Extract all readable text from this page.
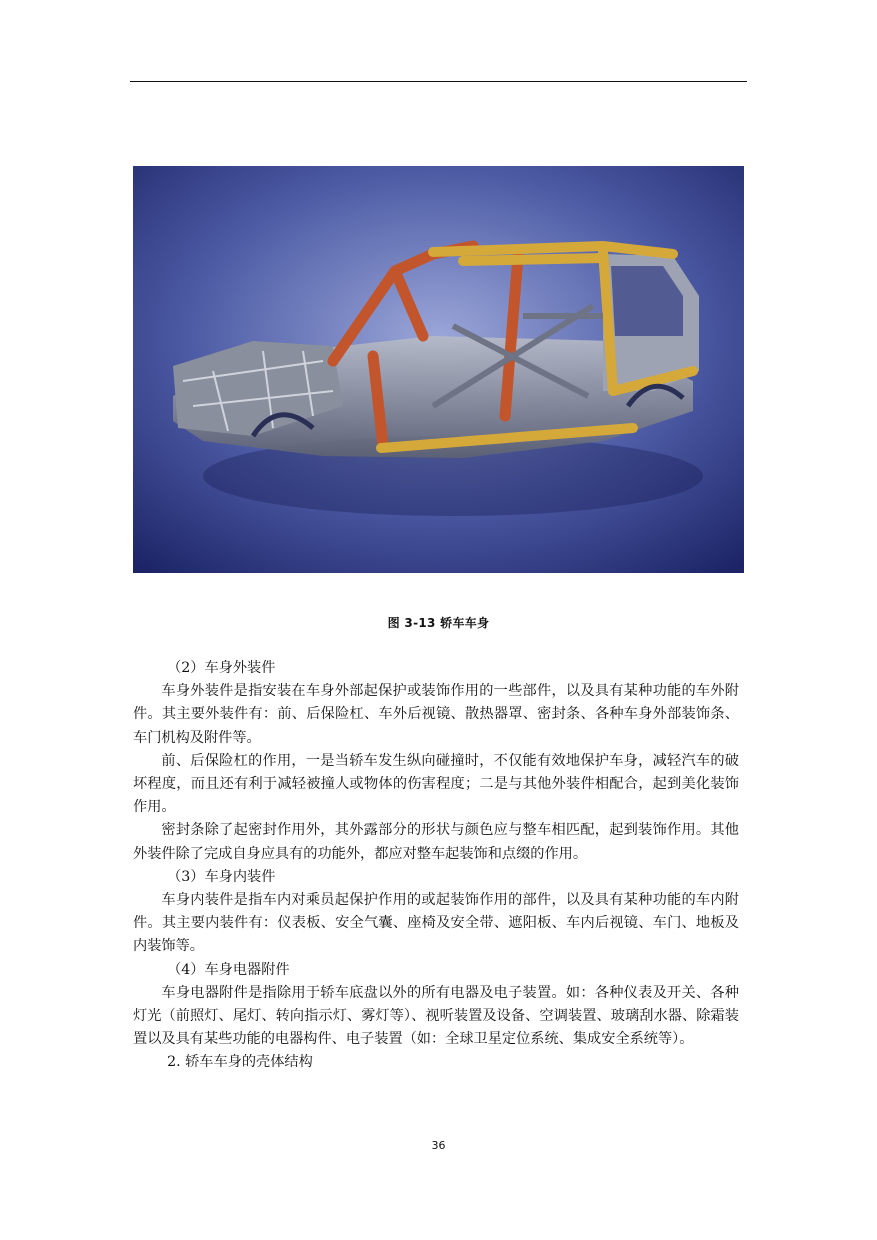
图 3-13 轿车车身

（2）车身外装件

车身外装件是指安装在车身外部起保护或装饰作用的一些部件，以及具有某种功能的车外附件。其主要外装件有：前、后保险杠、车外后视镜、散热器罩、密封条、各种车身外部装饰条、车门机构及附件等。

前、后保险杠的作用，一是当轿车发生纵向碰撞时，不仅能有效地保护车身，减轻汽车的破坏程度，而且还有利于减轻被撞人或物体的伤害程度；二是与其他外装件相配合，起到美化装饰作用。

密封条除了起密封作用外，其外露部分的形状与颜色应与整车相匹配，起到装饰作用。其他外装件除了完成自身应具有的功能外，都应对整车起装饰和点缀的作用。

（3）车身内装件

车身内装件是指车内对乘员起保护作用的或起装饰作用的部件，以及具有某种功能的车内附件。其主要内装件有：仪表板、安全气囊、座椅及安全带、遮阳板、车内后视镜、车门、地板及内装饰等。

（4）车身电器附件

车身电器附件是指除用于轿车底盘以外的所有电器及电子装置。如：各种仪表及开关、各种灯光（前照灯、尾灯、转向指示灯、雾灯等）、视听装置及设备、空调装置、玻璃刮水器、除霜装置以及具有某些功能的电器构件、电子装置（如：全球卫星定位系统、集成安全系统等）。

2. 轿车车身的壳体结构

36
